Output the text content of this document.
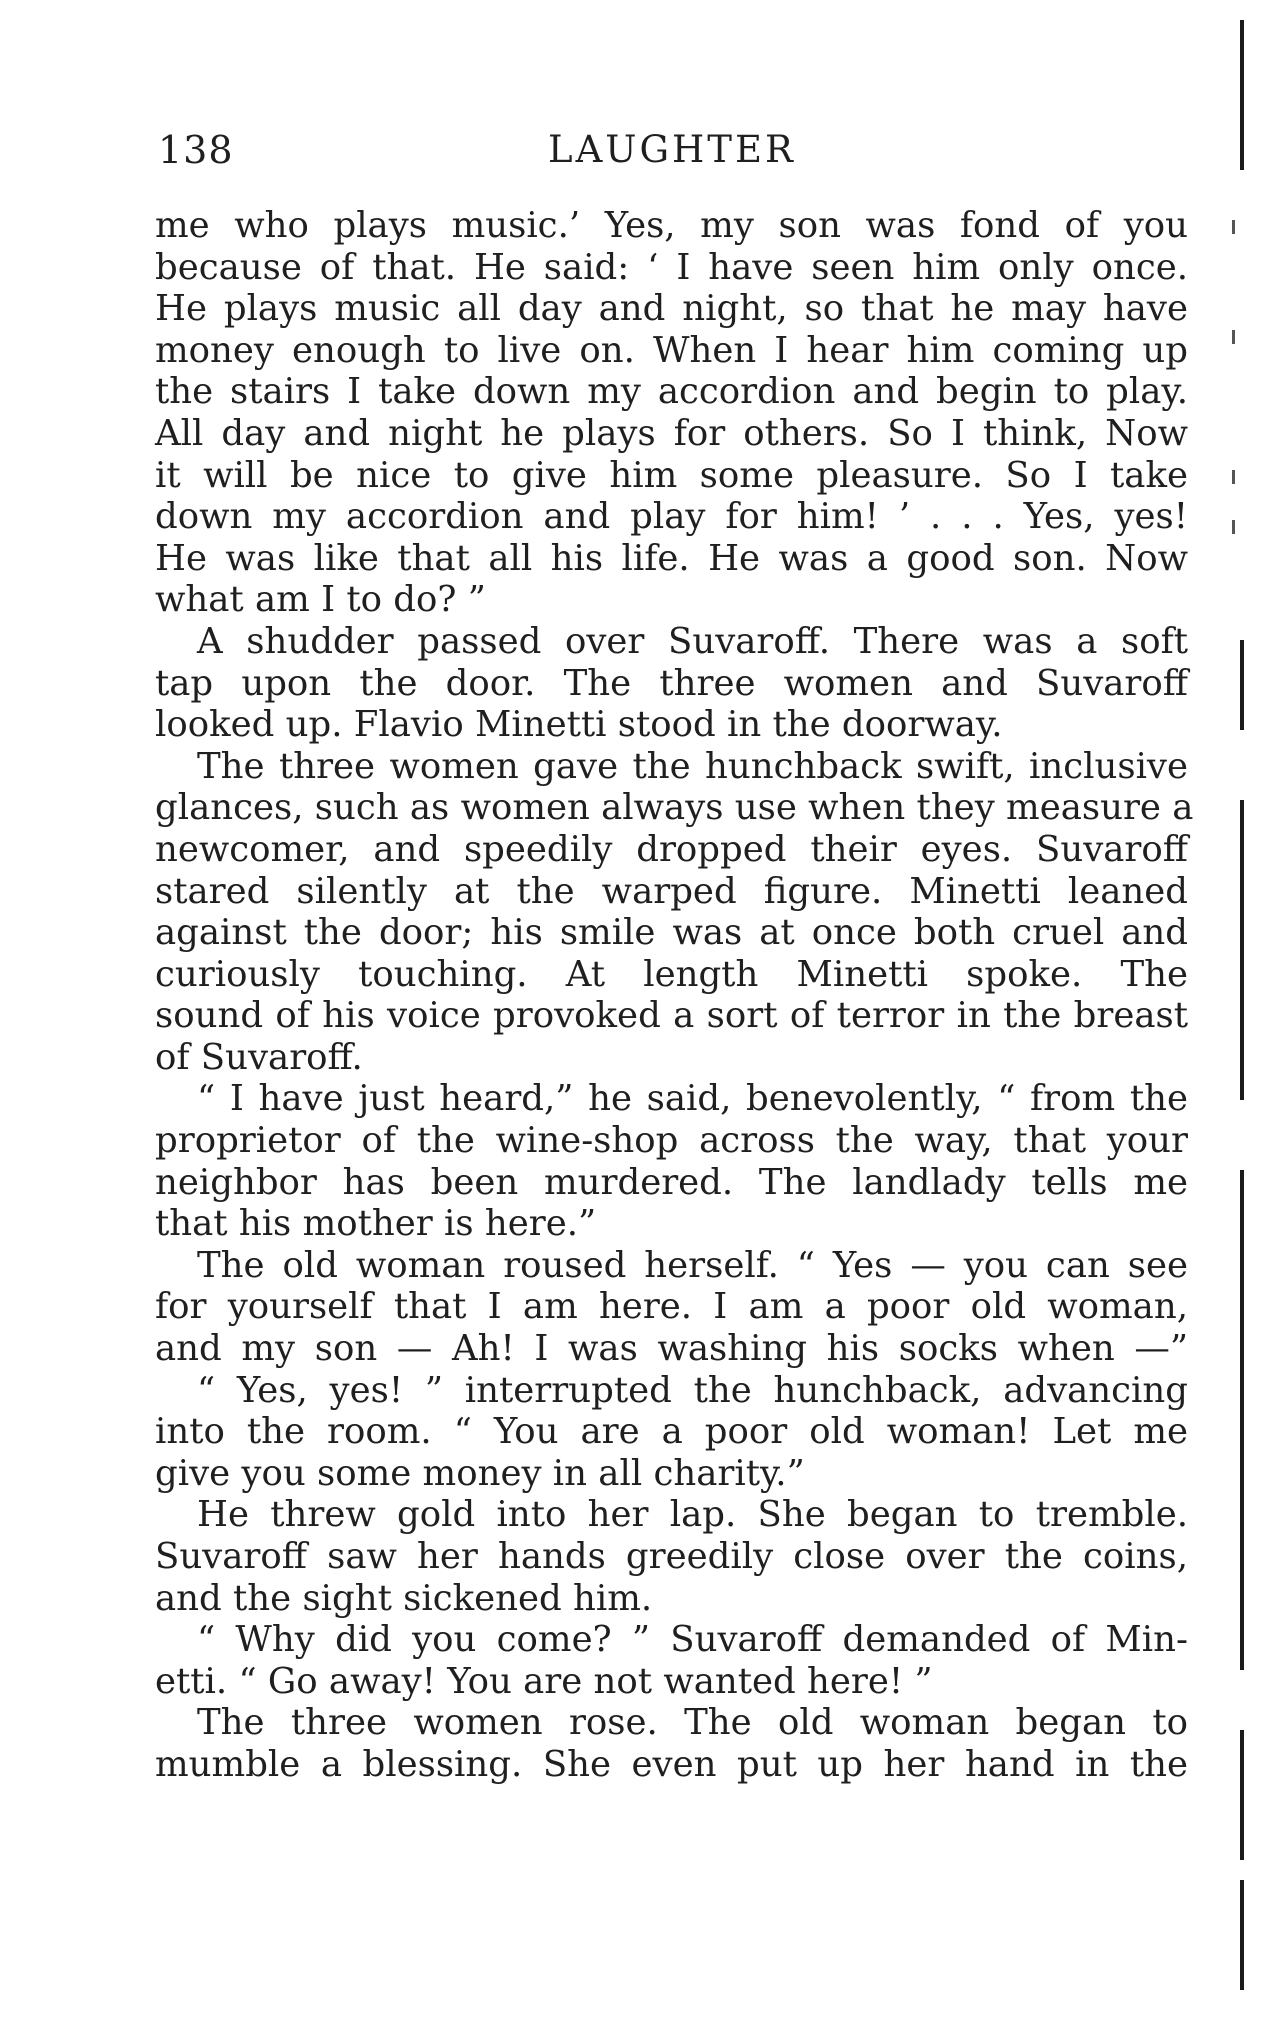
138	LAUGHTER
me who plays music.’ Yes, my son was fond of you
because of that. He said: ‘ I have seen him only once.
He plays music all day and night, so that he may have
money enough to live on. When I hear him coming up
the stairs I take down my accordion and begin to play.
All day and night he plays for others. So I think, Now
it will be nice to give him some pleasure. So I take
down my accordion and play for him! ’ . . . Yes, yes!
He was like that all his life. He was a good son. Now
what am I to do? ”
A shudder passed over Suvaroff. There was a soft
tap upon the door. The three women and Suvaroff
looked up. Flavio Minetti stood in the doorway.
The three women gave the hunchback swift, inclusive
glances, such as women always use when they measure a
newcomer, and speedily dropped their eyes. Suvaroff
stared silently at the warped figure. Minetti leaned
against the door; his smile was at once both cruel and
curiously touching. At length Minetti spoke. The
sound of his voice provoked a sort of terror in the breast
of Suvaroff.
“ I have just heard,” he said, benevolently, “ from the
proprietor of the wine-shop across the way, that your
neighbor has been murdered. The landlady tells me
that his mother is here.”
The old woman roused herself. “ Yes — you can see
for yourself that I am here. I am a poor old woman,
and my son — Ah! I was washing his socks when —”
“ Yes, yes! ” interrupted the hunchback, advancing
into the room. “ You are a poor old woman! Let me
give you some money in all charity.”
He threw gold into her lap. She began to tremble.
Suvaroff saw her hands greedily close over the coins,
and the sight sickened him.
“ Why did you come? ” Suvaroff demanded of Min-
etti. “ Go away! You are not wanted here! ”
The three women rose. The old woman began to
mumble a blessing. She even put up her hand in the
